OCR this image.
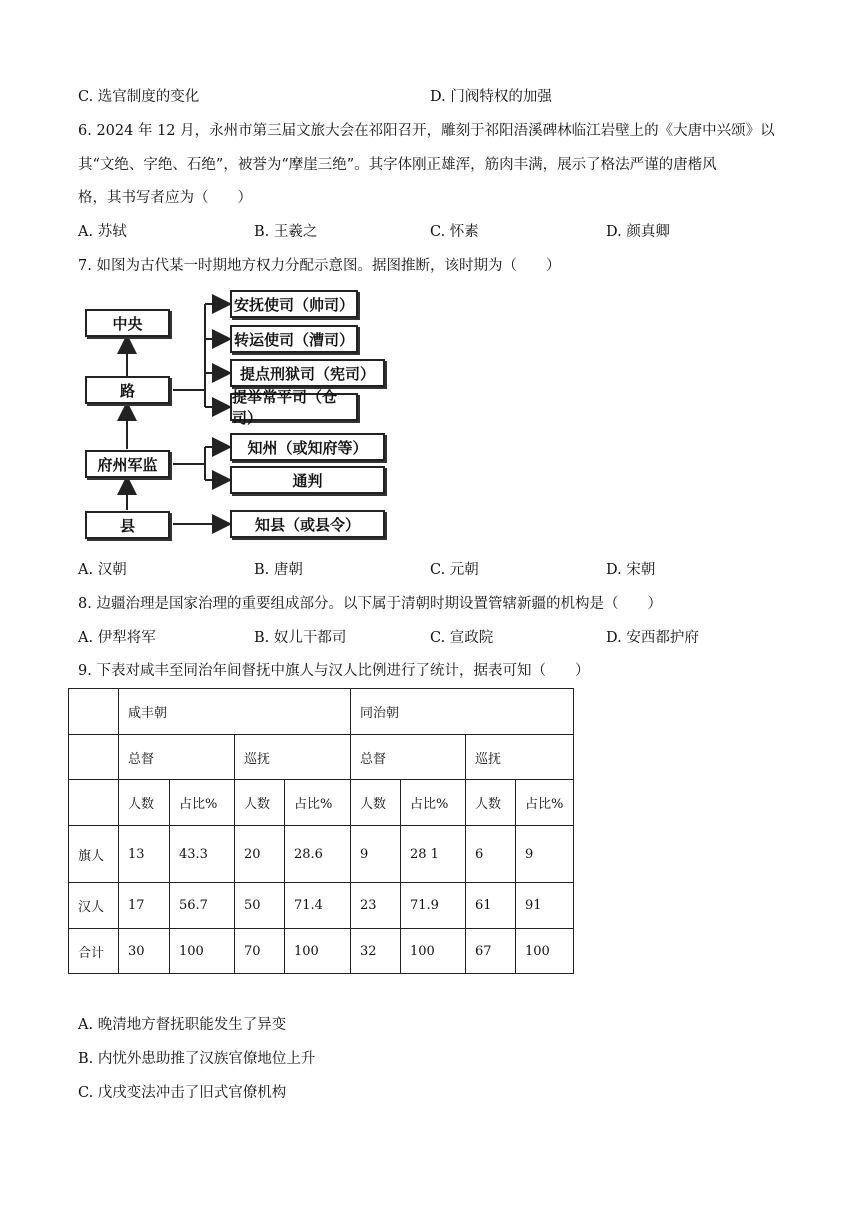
C. 选官制度的变化	D. 门阀特权的加强
6. 2024 年 12 月，永州市第三届文旅大会在祁阳召开，雕刻于祁阳浯溪碑林临江岩壁上的《大唐中兴颂》以
其“文绝、字绝、石绝”，被誉为“摩崖三绝”。其字体刚正雄浑，筋肉丰满，展示了格法严谨的唐楷风
格，其书写者应为（　　）
A. 苏轼	B. 王羲之	C. 怀素	D. 颜真卿
7. 如图为古代某一时期地方权力分配示意图。据图推断，该时期为（　　）
中央
路
府州军监
县
安抚使司（帅司）
转运使司（漕司）
提点刑狱司（宪司）
提举常平司（仓司）
知州（或知府等）
通判
知县（或县令）
A. 汉朝	B. 唐朝	C. 元朝	D. 宋朝
8. 边疆治理是国家治理的重要组成部分。以下属于清朝时期设置管辖新疆的机构是（　　）
A. 伊犁将军	B. 奴儿干都司	C. 宣政院	D. 安西都护府
9. 下表对咸丰至同治年间督抚中旗人与汉人比例进行了统计，据表可知（　　）
	咸丰朝				同治朝			
	总督		巡抚		总督		巡抚	
	人数	占比%	人数	占比%	人数	占比%	人数	占比%
旗人	13	43.3	20	28.6	9	28 1	6	9
汉人	17	56.7	50	71.4	23	71.9	61	91
合计	30	100	70	100	32	100	67	100
A. 晚清地方督抚职能发生了异变
B. 内忧外患助推了汉族官僚地位上升
C. 戊戌变法冲击了旧式官僚机构
